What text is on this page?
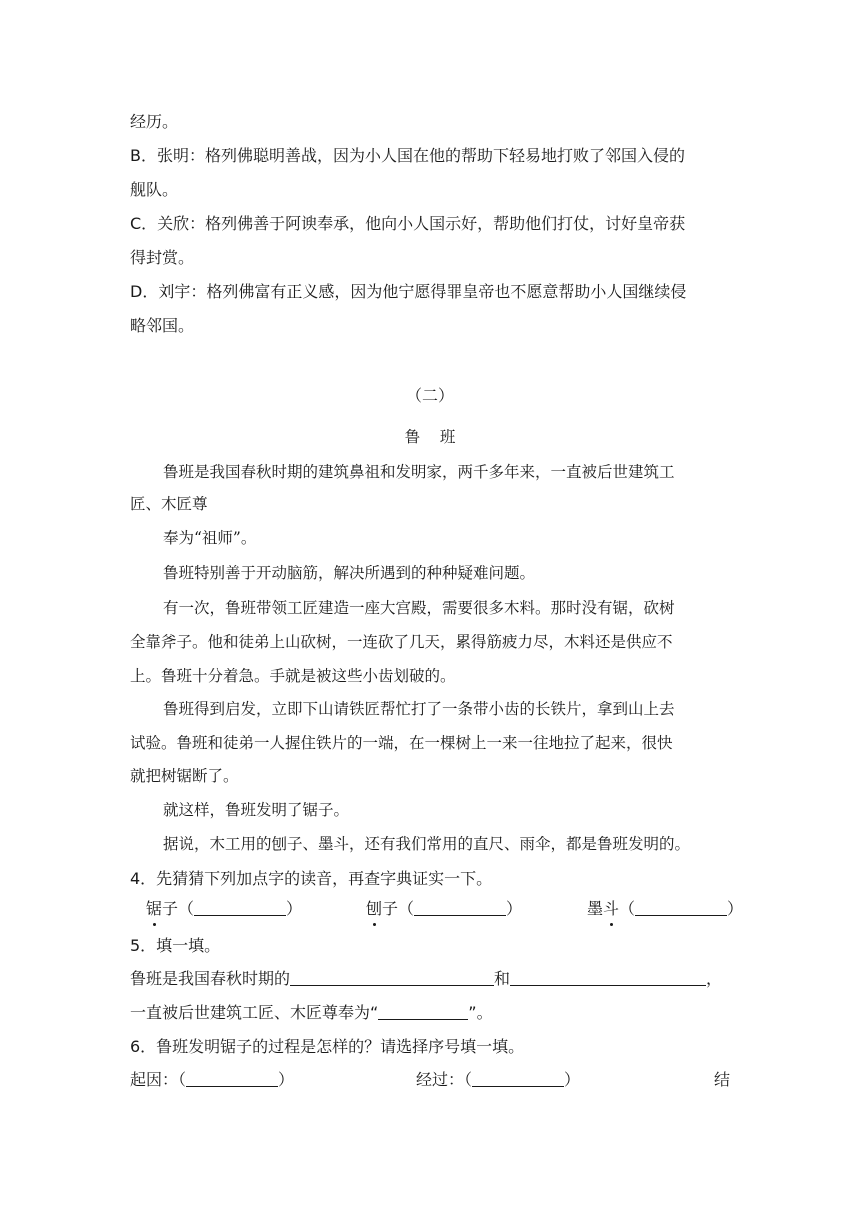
经历。
B．张明：格列佛聪明善战，因为小人国在他的帮助下轻易地打败了邻国入侵的
舰队。
C．关欣：格列佛善于阿谀奉承，他向小人国示好，帮助他们打仗，讨好皇帝获
得封赏。
D．刘宇：格列佛富有正义感，因为他宁愿得罪皇帝也不愿意帮助小人国继续侵
略邻国。
（二）
鲁    班
鲁班是我国春秋时期的建筑鼻祖和发明家，两千多年来，一直被后世建筑工
匠、木匠尊
奉为“祖师”。
鲁班特别善于开动脑筋，解决所遇到的种种疑难问题。
有一次，鲁班带领工匠建造一座大宫殿，需要很多木料。那时没有锯，砍树
全靠斧子。他和徒弟上山砍树，一连砍了几天，累得筋疲力尽，木料还是供应不
上。鲁班十分着急。手就是被这些小齿划破的。
鲁班得到启发，立即下山请铁匠帮忙打了一条带小齿的长铁片，拿到山上去
试验。鲁班和徒弟一人握住铁片的一端，在一棵树上一来一往地拉了起来，很快
就把树锯断了。
就这样，鲁班发明了锯子。
据说，木工用的刨子、墨斗，还有我们常用的直尺、雨伞，都是鲁班发明的。
4．先猜猜下列加点字的读音，再查字典证实一下。
锯子（	）	刨子（	）	墨斗（	）
5．填一填。
鲁班是我国春秋时期的	和	，
一直被后世建筑工匠、木匠尊奉为“	”。
6．鲁班发明锯子的过程是怎样的？请选择序号填一填。
起因：（	）	经过：（	）	结
